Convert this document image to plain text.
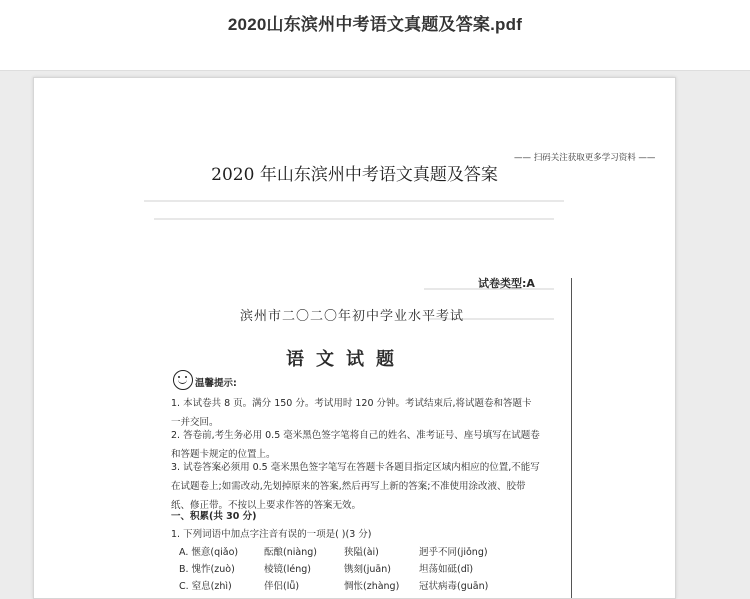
2020山东滨州中考语文真题及答案.pdf
—— 扫码关注获取更多学习资料 ——
2020 年山东滨州中考语文真题及答案
试卷类型:A
滨州市二〇二〇年初中学业水平考试
语文试题
温馨提示:
1. 本试卷共 8 页。满分 150 分。考试用时 120 分钟。考试结束后,将试题卷和答题卡一并交回。
2. 答卷前,考生务必用 0.5 毫米黑色签字笔将自己的姓名、准考证号、座号填写在试题卷和答题卡规定的位置上。
3. 试卷答案必须用 0.5 毫米黑色签字笔写在答题卡各题目指定区域内相应的位置,不能写在试题卷上;如需改动,先划掉原来的答案,然后再写上新的答案;不准使用涂改液、胶带纸、修正带。不按以上要求作答的答案无效。
一、积累(共 30 分)
1. 下列词语中加点字注音有误的一项是( )(3 分)
A. 惬意(qiǎo)	酝酿(niàng)	狭隘(ài)	迥乎不同(jiǒng)
B. 愧怍(zuò)	棱镜(léng)	镌刻(juān)	坦荡如砥(dǐ)
C. 窒息(zhì)	伴侣(lǚ)	惆怅(zhàng) 冠状病毒(guān)
